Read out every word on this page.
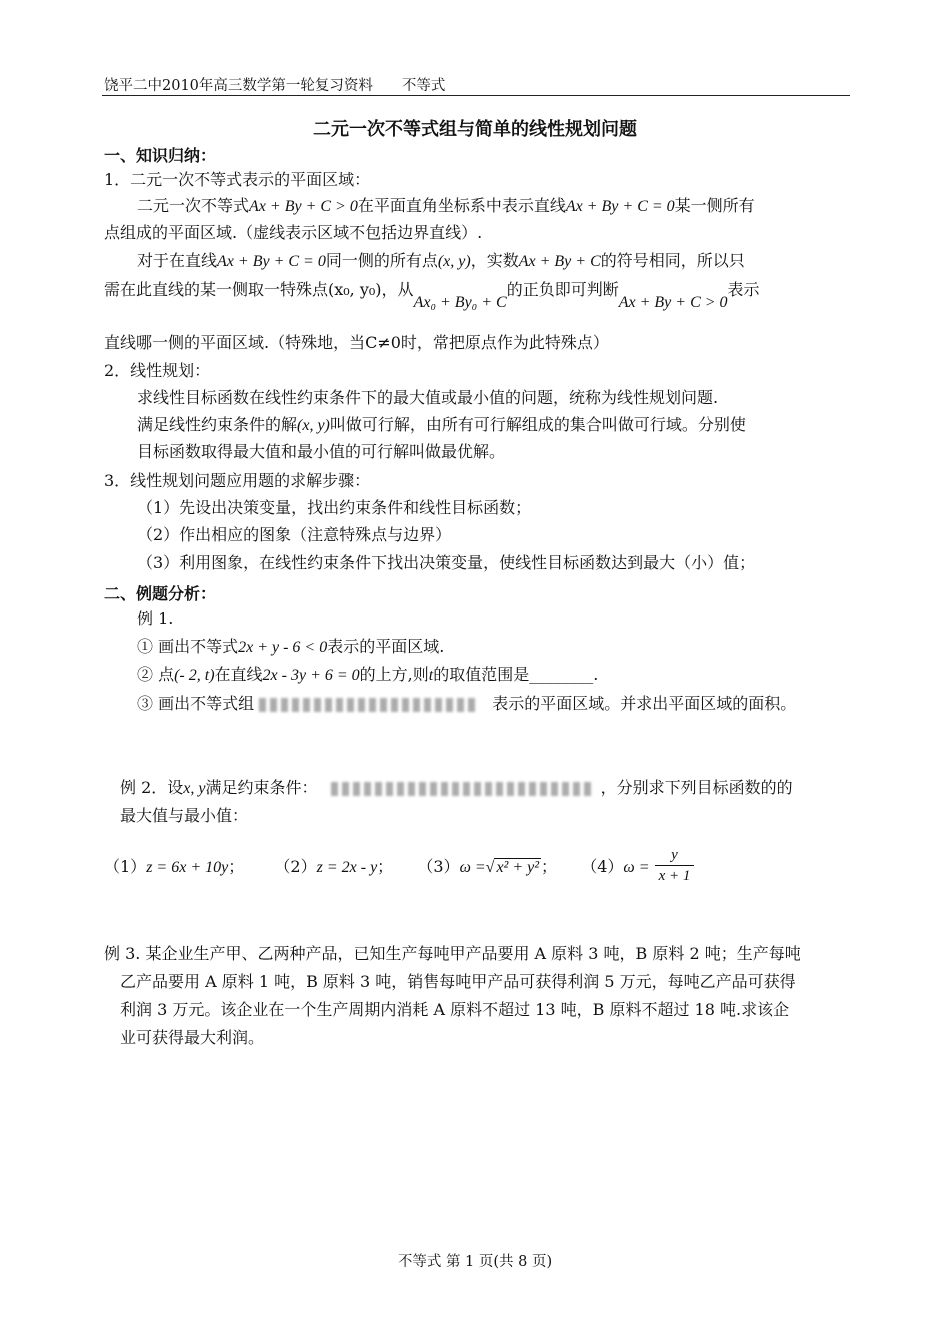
饶平二中2010年高三数学第一轮复习资料　　不等式
二元一次不等式组与简单的线性规划问题
一、知识归纳：
1．二元一次不等式表示的平面区域：
二元一次不等式Ax + By + C > 0在平面直角坐标系中表示直线Ax + By + C = 0某一侧所有
点组成的平面区域.（虚线表示区域不包括边界直线）.
对于在直线Ax + By + C = 0同一侧的所有点(x, y)，实数Ax + By + C的符号相同，所以只
需在此直线的某一侧取一特殊点(x₀, y₀)，从Ax₀ + By₀ + C的正负即可判断Ax + By + C > 0表示
直线哪一侧的平面区域.（特殊地，当C≠0时，常把原点作为此特殊点）
2．线性规划：
求线性目标函数在线性约束条件下的最大值或最小值的问题，统称为线性规划问题.
满足线性约束条件的解(x, y)叫做可行解，由所有可行解组成的集合叫做可行域。分别使
目标函数取得最大值和最小值的可行解叫做最优解。
3．线性规划问题应用题的求解步骤：
（1）先设出决策变量，找出约束条件和线性目标函数；
（2）作出相应的图象（注意特殊点与边界）
（3）利用图象，在线性约束条件下找出决策变量，使线性目标函数达到最大（小）值；
二、例题分析：
例 1.
① 画出不等式2x + y - 6 < 0表示的平面区域.
② 点(- 2, t)在直线2x - 3y + 6 = 0的上方,则t的取值范围是________.
③ 画出不等式组	表示的平面区域。并求出平面区域的面积。
例 2．设x, y满足约束条件：	，分别求下列目标函数的的
最大值与最小值：
（1）z = 6x + 10y； （2）z = 2x - y； （3）ω =√ x² + y² ； $(4)\omega = \frac{y}{x + 1}$
例 3. 某企业生产甲、乙两种产品，已知生产每吨甲产品要用 A 原料 3 吨，B 原料 2 吨；生产每吨
乙产品要用 A 原料 1 吨，B 原料 3 吨，销售每吨甲产品可获得利润 5 万元，每吨乙产品可获得
利润 3 万元。该企业在一个生产周期内消耗 A 原料不超过 13 吨，B 原料不超过 18 吨.求该企
业可获得最大利润。
不等式 第 1 页(共 8 页)
